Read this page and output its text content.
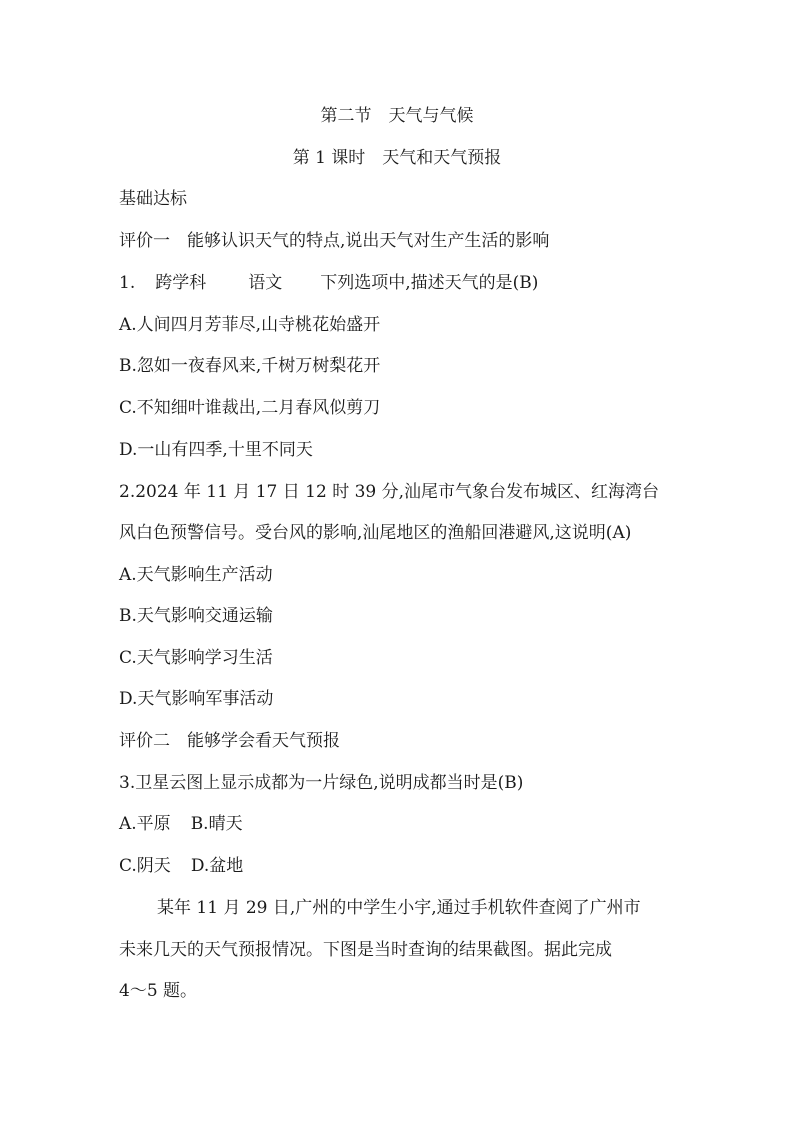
第二节　天气与气候
第 1 课时　天气和天气预报
基础达标
评价一　能够认识天气的特点,说出天气对生产生活的影响
1. 跨学科 语文 下列选项中,描述天气的是(B)
A.人间四月芳菲尽,山寺桃花始盛开
B.忽如一夜春风来,千树万树梨花开
C.不知细叶谁裁出,二月春风似剪刀
D.一山有四季,十里不同天
2.2024 年 11 月 17 日 12 时 39 分,汕尾市气象台发布城区、红海湾台
风白色预警信号。受台风的影响,汕尾地区的渔船回港避风,这说明(A)
A.天气影响生产活动
B.天气影响交通运输
C.天气影响学习生活
D.天气影响军事活动
评价二　能够学会看天气预报
3.卫星云图上显示成都为一片绿色,说明成都当时是(B)
A.平原 B.晴天
C.阴天 D.盆地
某年 11 月 29 日,广州的中学生小宇,通过手机软件查阅了广州市
未来几天的天气预报情况。下图是当时查询的结果截图。据此完成
4～5 题。
